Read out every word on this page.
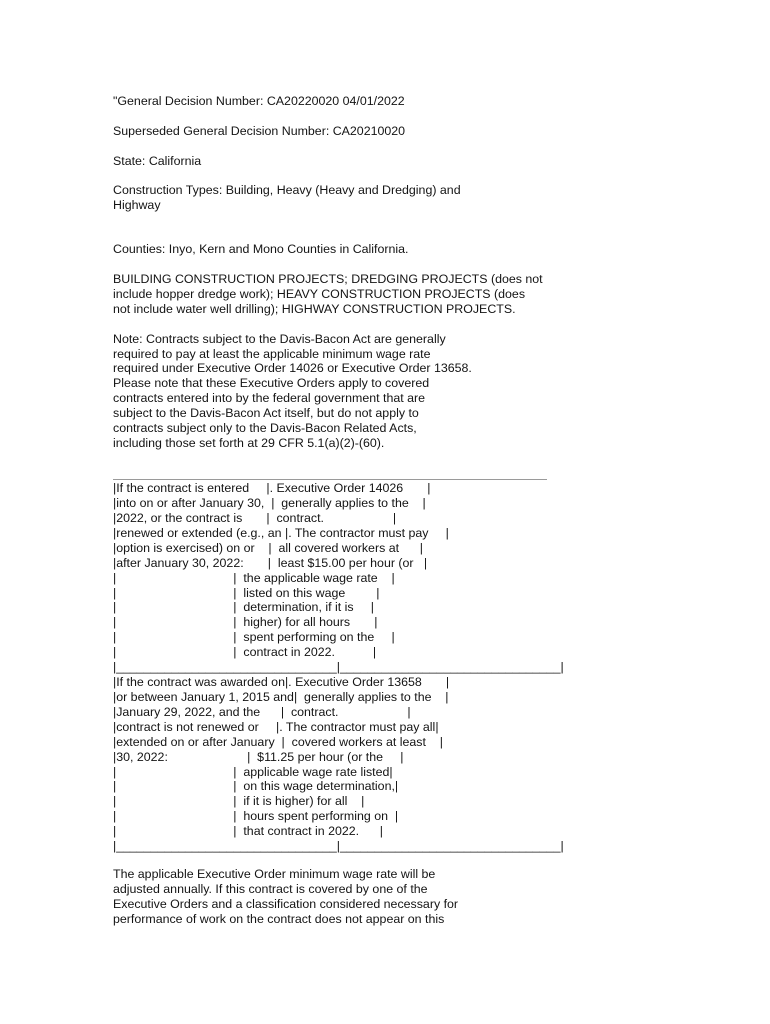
"General Decision Number: CA20220020 04/01/2022
Superseded General Decision Number: CA20210020
State: California
Construction Types: Building, Heavy (Heavy and Dredging) and
Highway
Counties: Inyo, Kern and Mono Counties in California.
BUILDING CONSTRUCTION PROJECTS; DREDGING PROJECTS (does not
include hopper dredge work); HEAVY CONSTRUCTION PROJECTS (does
not include water well drilling); HIGHWAY CONSTRUCTION PROJECTS.
Note: Contracts subject to the Davis-Bacon Act are generally
required to pay at least the applicable minimum wage rate
required under Executive Order 14026 or Executive Order 13658.
Please note that these Executive Orders apply to covered
contracts entered into by the federal government that are
subject to the Davis-Bacon Act itself, but do not apply to
contracts subject only to the Davis-Bacon Related Acts,
including those set forth at 29 CFR 5.1(a)(2)-(60).
|If the contract is entered     |. Executive Order 14026       |
|into on or after January 30,  |  generally applies to the    |
|2022, or the contract is       |  contract.                    |
|renewed or extended (e.g., an |. The contractor must pay     |
|option is exercised) on or    |  all covered workers at      |
|after January 30, 2022:       |  least $15.00 per hour (or   |
|                                  |  the applicable wage rate    |
|                                  |  listed on this wage         |
|                                  |  determination, if it is     |
|                                  |  higher) for all hours       |
|                                  |  spent performing on the     |
|                                  |  contract in 2022.           |
|________________________________|________________________________|
|If the contract was awarded on|. Executive Order 13658       |
|or between January 1, 2015 and|  generally applies to the    |
|January 29, 2022, and the      |  contract.                    |
|contract is not renewed or     |. The contractor must pay all|
|extended on or after January  |  covered workers at least    |
|30, 2022:                       |  $11.25 per hour (or the     |
|                                  |  applicable wage rate listed|
|                                  |  on this wage determination,|
|                                  |  if it is higher) for all    |
|                                  |  hours spent performing on  |
|                                  |  that contract in 2022.      |
|________________________________|________________________________|
The applicable Executive Order minimum wage rate will be
adjusted annually. If this contract is covered by one of the
Executive Orders and a classification considered necessary for
performance of work on the contract does not appear on this
